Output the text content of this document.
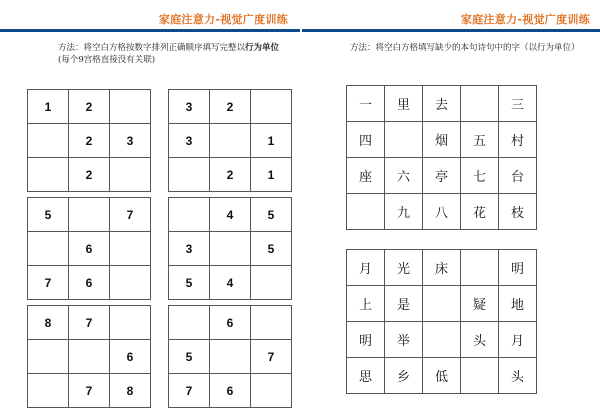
家庭注意力-视觉广度训练
方法：将空白方格按数字排列正确顺序填写完整以行为单位
(每个9宫格直接没有关联)
1	2	
	2	3
	2	
3	2	
3		1
	2	1
5		7
	6	
7	6	
	4	5
3		5
5	4	
8	7	
		6
	7	8
	6	
5		7
7	6	
家庭注意力-视觉广度训练
方法：将空白方格填写缺少的本句诗句中的字（以行为单位）
一	里	去		三
四		烟	五	村
座	六	亭	七	台
	九	八	花	枝
月	光	床		明
上	是		疑	地
明	举		头	月
思	乡	低		头
